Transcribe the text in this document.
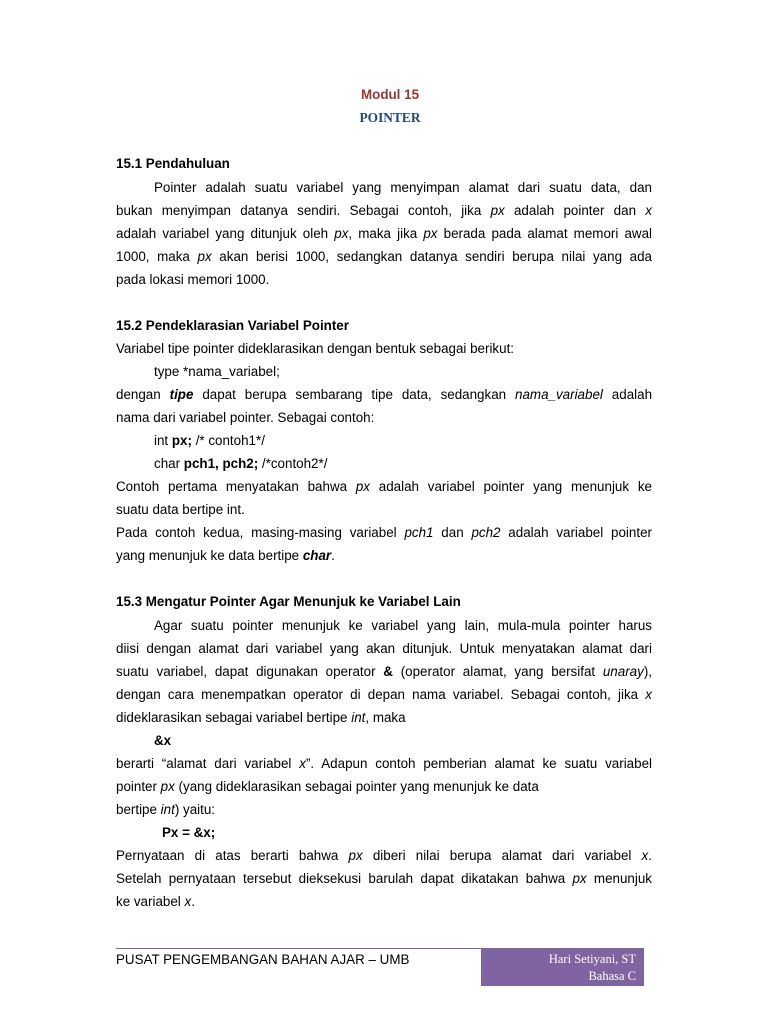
Modul 15
POINTER
15.1 Pendahuluan
Pointer adalah suatu variabel yang menyimpan alamat dari suatu data, dan
bukan menyimpan datanya sendiri. Sebagai contoh, jika px adalah pointer dan x
adalah variabel yang ditunjuk oleh px, maka jika px berada pada alamat memori awal
1000, maka px akan berisi 1000, sedangkan datanya sendiri berupa nilai yang ada
pada lokasi memori 1000.
15.2 Pendeklarasian Variabel Pointer
Variabel tipe pointer dideklarasikan dengan bentuk sebagai berikut:
type *nama_variabel;
dengan tipe dapat berupa sembarang tipe data, sedangkan nama_variabel adalah
nama dari variabel pointer. Sebagai contoh:
int px; /* contoh1*/
char pch1, pch2; /*contoh2*/
Contoh pertama menyatakan bahwa px adalah variabel pointer yang menunjuk ke
suatu data bertipe int.
Pada contoh kedua, masing-masing variabel pch1 dan pch2 adalah variabel pointer
yang menunjuk ke data bertipe char.
15.3 Mengatur Pointer Agar Menunjuk ke Variabel Lain
Agar suatu pointer menunjuk ke variabel yang lain, mula-mula pointer harus
diisi dengan alamat dari variabel yang akan ditunjuk. Untuk menyatakan alamat dari
suatu variabel, dapat digunakan operator & (operator alamat, yang bersifat unaray),
dengan cara menempatkan operator di depan nama variabel. Sebagai contoh, jika x
dideklarasikan sebagai variabel bertipe int, maka
&x
berarti “alamat dari variabel x”. Adapun contoh pemberian alamat ke suatu variabel
pointer px (yang dideklarasikan sebagai pointer yang menunjuk ke data
bertipe int) yaitu:
Px = &x;
Pernyataan di atas berarti bahwa px diberi nilai berupa alamat dari variabel x.
Setelah pernyataan tersebut dieksekusi barulah dapat dikatakan bahwa px menunjuk
ke variabel x.
PUSAT PENGEMBANGAN BAHAN AJAR – UMB	Hari Setiyani, ST
Bahasa C
